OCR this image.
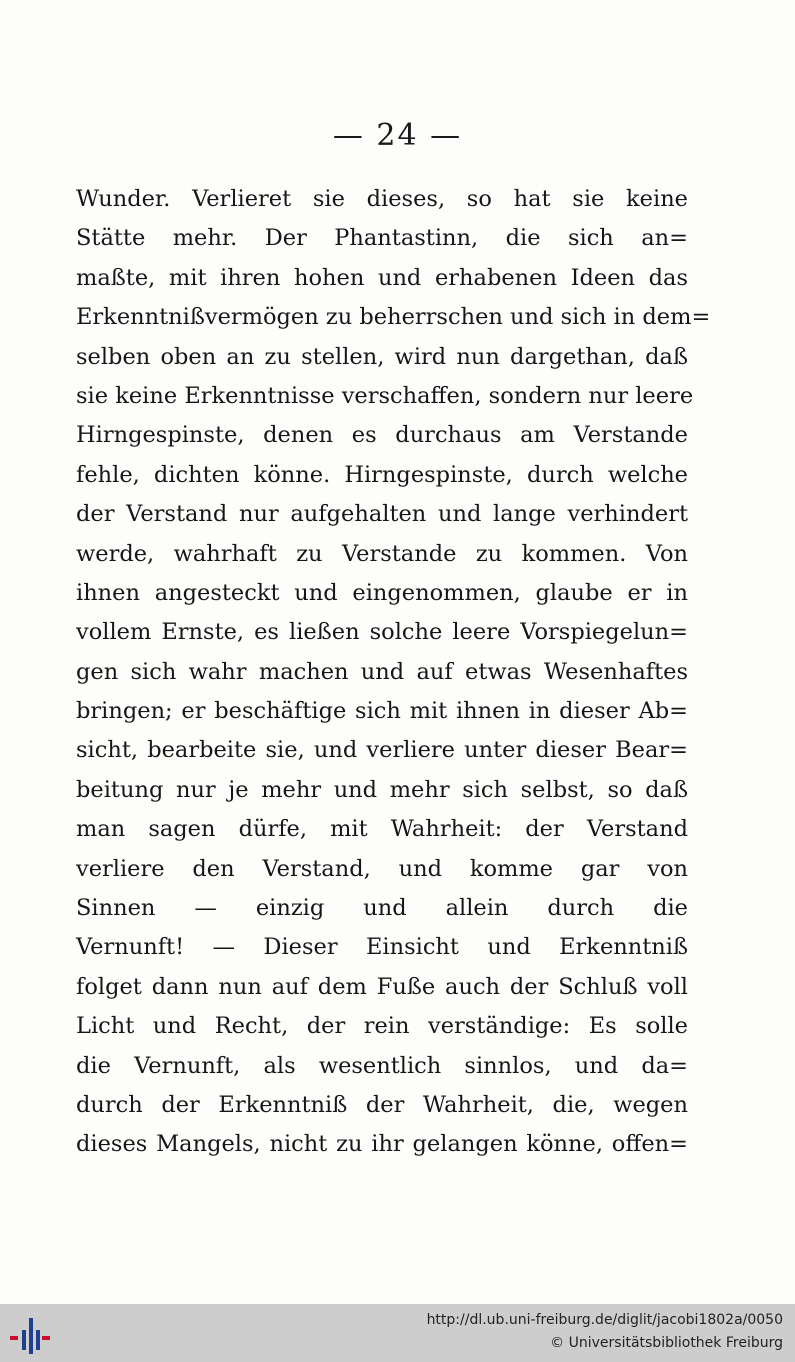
— 24 —
Wunder. Verlieret sie dieses, so hat sie keine
Stätte mehr. Der Phantastinn, die sich an=
maßte, mit ihren hohen und erhabenen Ideen das
Erkenntnißvermögen zu beherrschen und sich in dem=
selben oben an zu stellen, wird nun dargethan, daß
sie keine Erkenntnisse verschaffen, sondern nur leere
Hirngespinste, denen es durchaus am Verstande
fehle, dichten könne. Hirngespinste, durch welche
der Verstand nur aufgehalten und lange verhindert
werde, wahrhaft zu Verstande zu kommen. Von
ihnen angesteckt und eingenommen, glaube er in
vollem Ernste, es ließen solche leere Vorspiegelun=
gen sich wahr machen und auf etwas Wesenhaftes
bringen; er beschäftige sich mit ihnen in dieser Ab=
sicht, bearbeite sie, und verliere unter dieser Bear=
beitung nur je mehr und mehr sich selbst, so daß
man sagen dürfe, mit Wahrheit: der Verstand
verliere den Verstand, und komme gar von
Sinnen — einzig und allein durch die
Vernunft! — Dieser Einsicht und Erkenntniß
folget dann nun auf dem Fuße auch der Schluß voll
Licht und Recht, der rein verständige: Es solle
die Vernunft, als wesentlich sinnlos, und da=
durch der Erkenntniß der Wahrheit, die, wegen
dieses Mangels, nicht zu ihr gelangen könne, offen=
http://dl.ub.uni-freiburg.de/diglit/jacobi1802a/0050
© Universitätsbibliothek Freiburg
